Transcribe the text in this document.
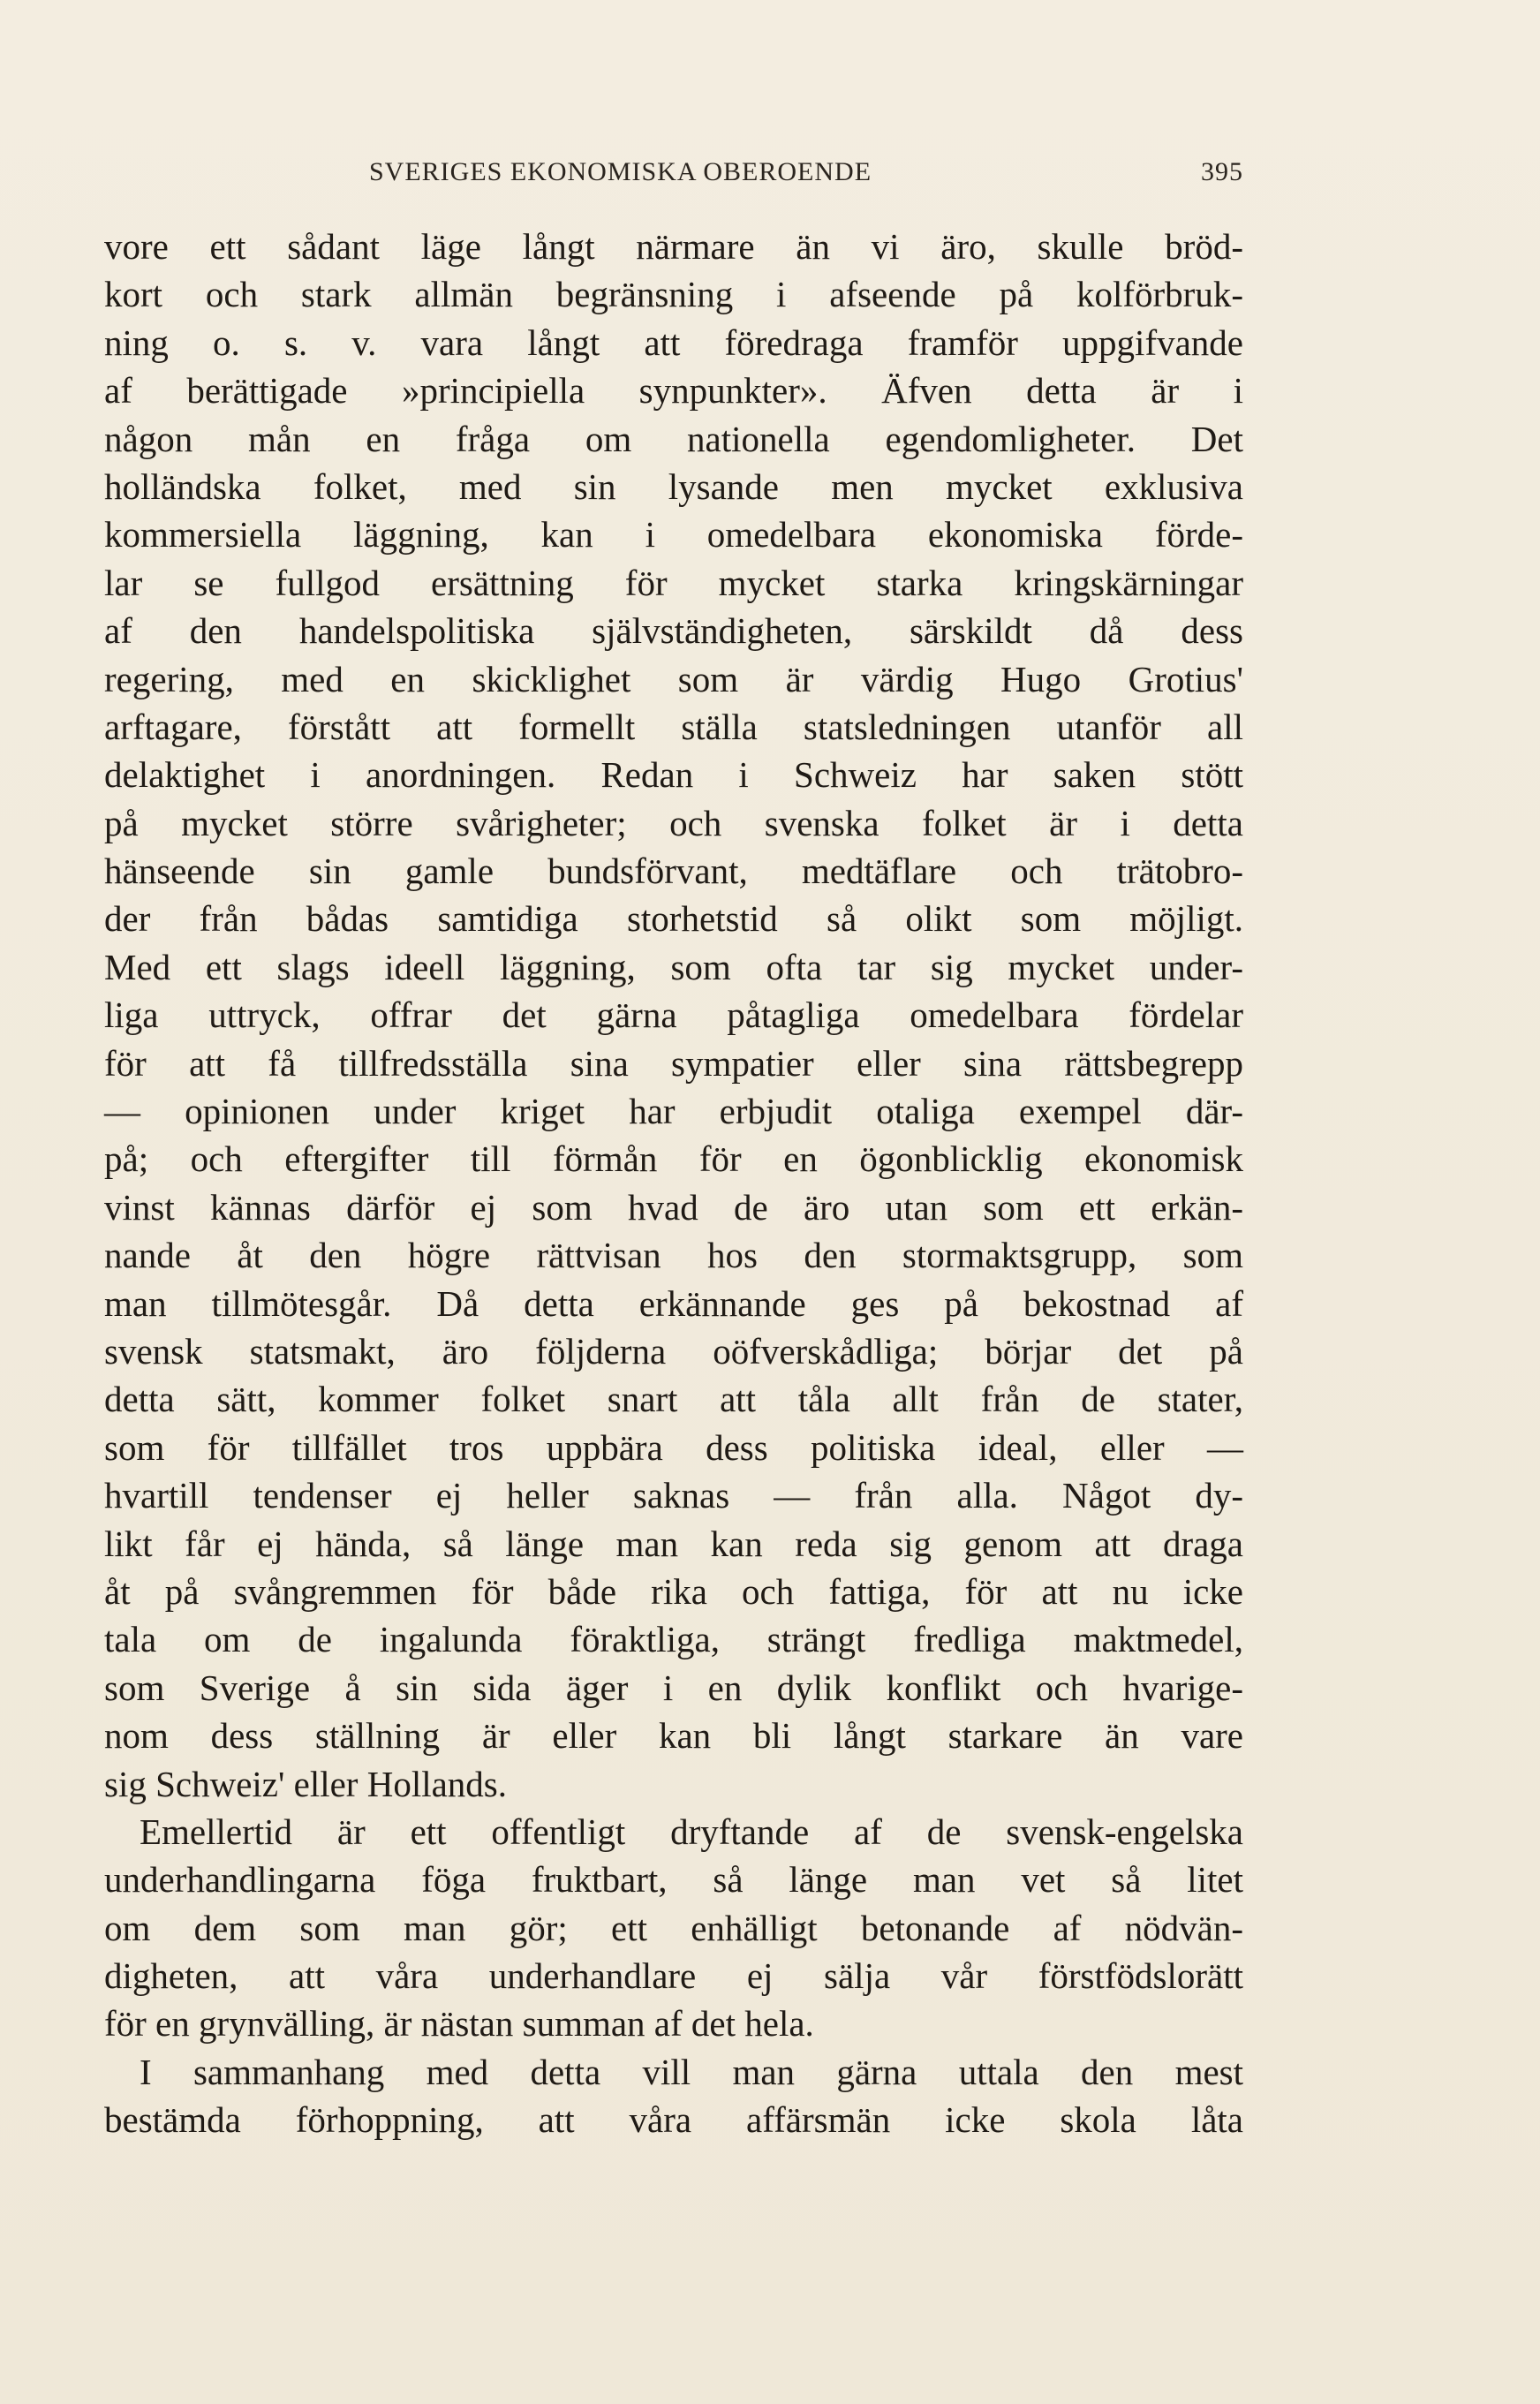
SVERIGES EKONOMISKA OBEROENDE	395
vore ett sådant läge långt närmare än vi äro, skulle bröd-
kort och stark allmän begränsning i afseende på kolförbruk-
ning o. s. v. vara långt att föredraga framför uppgifvande
af berättigade »principiella synpunkter». Äfven detta är i
någon mån en fråga om nationella egendomligheter. Det
holländska folket, med sin lysande men mycket exklusiva
kommersiella läggning, kan i omedelbara ekonomiska förde-
lar se fullgod ersättning för mycket starka kringskärningar
af den handelspolitiska självständigheten, särskildt då dess
regering, med en skicklighet som är värdig Hugo Grotius'
arftagare, förstått att formellt ställa statsledningen utanför all
delaktighet i anordningen. Redan i Schweiz har saken stött
på mycket större svårigheter; och svenska folket är i detta
hänseende sin gamle bundsförvant, medtäflare och trätobro-
der från bådas samtidiga storhetstid så olikt som möjligt.
Med ett slags ideell läggning, som ofta tar sig mycket under-
liga uttryck, offrar det gärna påtagliga omedelbara fördelar
för att få tillfredsställa sina sympatier eller sina rättsbegrepp
— opinionen under kriget har erbjudit otaliga exempel där-
på; och eftergifter till förmån för en ögonblicklig ekonomisk
vinst kännas därför ej som hvad de äro utan som ett erkän-
nande åt den högre rättvisan hos den stormaktsgrupp, som
man tillmötesgår. Då detta erkännande ges på bekostnad af
svensk statsmakt, äro följderna oöfverskådliga; börjar det på
detta sätt, kommer folket snart att tåla allt från de stater,
som för tillfället tros uppbära dess politiska ideal, eller —
hvartill tendenser ej heller saknas — från alla. Något dy-
likt får ej hända, så länge man kan reda sig genom att draga
åt på svångremmen för både rika och fattiga, för att nu icke
tala om de ingalunda föraktliga, strängt fredliga maktmedel,
som Sverige å sin sida äger i en dylik konflikt och hvarige-
nom dess ställning är eller kan bli långt starkare än vare
sig Schweiz' eller Hollands.
Emellertid är ett offentligt dryftande af de svensk-engelska
underhandlingarna föga fruktbart, så länge man vet så litet
om dem som man gör; ett enhälligt betonande af nödvän-
digheten, att våra underhandlare ej sälja vår förstfödslorätt
för en grynvälling, är nästan summan af det hela.
I sammanhang med detta vill man gärna uttala den mest
bestämda förhoppning, att våra affärsmän icke skola låta
